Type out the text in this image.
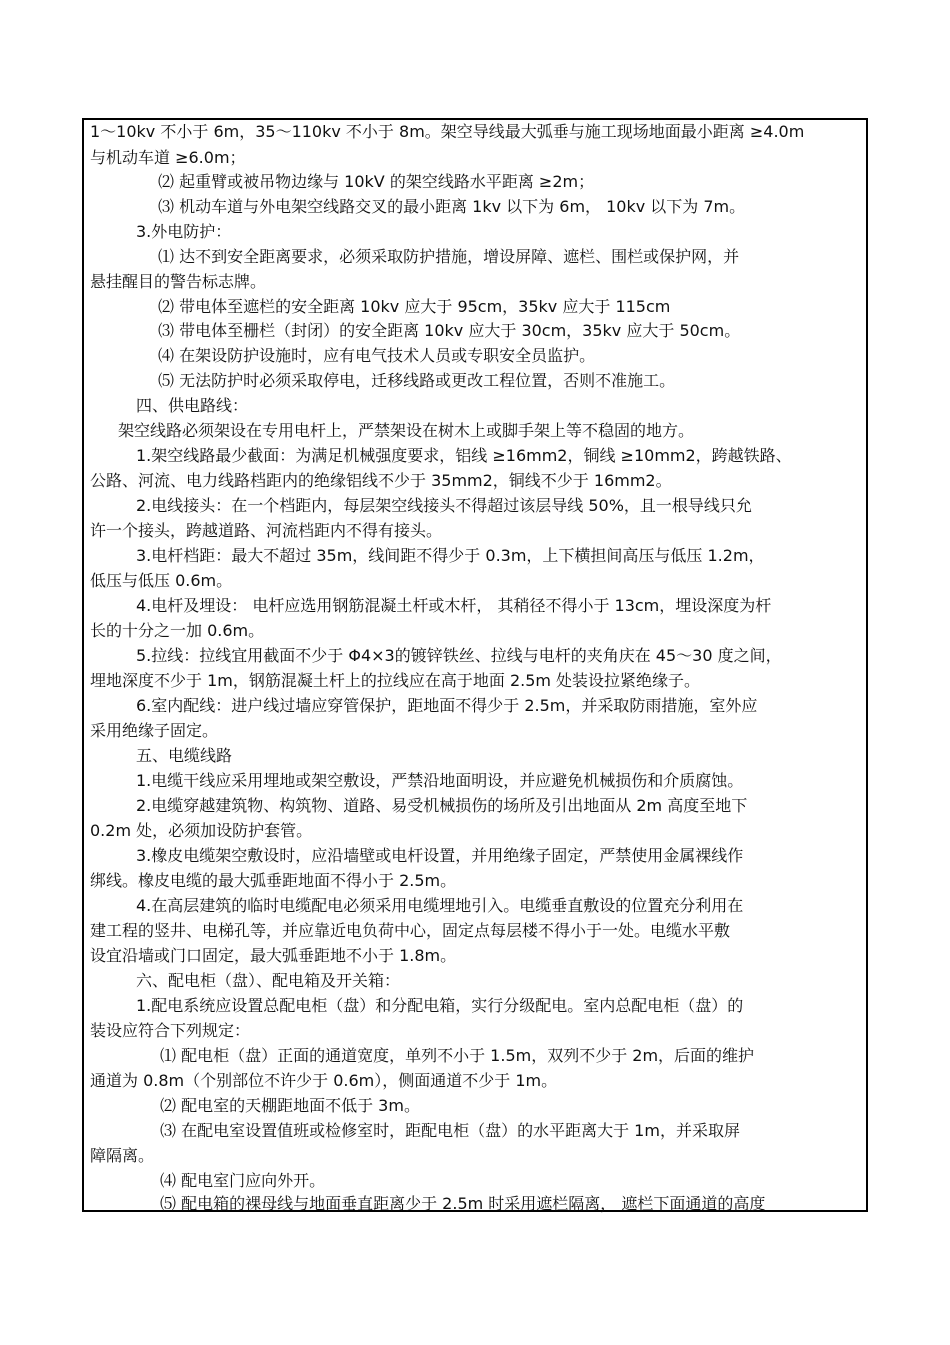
1～10kv 不小于 6m，35～110kv 不小于 8m。架空导线最大弧垂与施工现场地面最小距离 ≥4.0m
与机动车道 ≥6.0m；
⑵ 起重臂或被吊物边缘与 10kV 的架空线路水平距离 ≥2m；
⑶ 机动车道与外电架空线路交叉的最小距离 1kv 以下为 6m， 10kv 以下为 7m。
3.外电防护：
⑴ 达不到安全距离要求，必须采取防护措施，增设屏障、遮栏、围栏或保护网，并
悬挂醒目的警告标志牌。
⑵ 带电体至遮栏的安全距离 10kv 应大于 95cm，35kv 应大于 115cm
⑶ 带电体至栅栏（封闭）的安全距离 10kv 应大于 30cm，35kv 应大于 50cm。
⑷ 在架设防护设施时，应有电气技术人员或专职安全员监护。
⑸ 无法防护时必须采取停电，迁移线路或更改工程位置，否则不准施工。
四、供电路线：
架空线路必须架设在专用电杆上，严禁架设在树木上或脚手架上等不稳固的地方。
1.架空线路最少截面：为满足机械强度要求，铝线 ≥16mm2，铜线 ≥10mm2，跨越铁路、
公路、河流、电力线路档距内的绝缘铝线不少于 35mm2，铜线不少于 16mm2。
2.电线接头：在一个档距内，每层架空线接头不得超过该层导线 50%，且一根导线只允
许一个接头，跨越道路、河流档距内不得有接头。
3.电杆档距：最大不超过 35m，线间距不得少于 0.3m，上下横担间高压与低压 1.2m，
低压与低压 0.6m。
4.电杆及埋设： 电杆应选用钢筋混凝土杆或木杆， 其稍径不得小于 13cm，埋设深度为杆
长的十分之一加 0.6m。
5.拉线：拉线宜用截面不少于 Φ4×3的镀锌铁丝、拉线与电杆的夹角庆在 45～30 度之间，
埋地深度不少于 1m，钢筋混凝土杆上的拉线应在高于地面 2.5m 处装设拉紧绝缘子。
6.室内配线：进户线过墙应穿管保护，距地面不得少于 2.5m，并采取防雨措施，室外应
采用绝缘子固定。
五、电缆线路
1.电缆干线应采用埋地或架空敷设，严禁沿地面明设，并应避免机械损伤和介质腐蚀。
2.电缆穿越建筑物、构筑物、道路、易受机械损伤的场所及引出地面从 2m 高度至地下
0.2m 处，必须加设防护套管。
3.橡皮电缆架空敷设时，应沿墙壁或电杆设置，并用绝缘子固定，严禁使用金属裸线作
绑线。橡皮电缆的最大弧垂距地面不得小于 2.5m。
4.在高层建筑的临时电缆配电必须采用电缆埋地引入。电缆垂直敷设的位置充分利用在
建工程的竖井、电梯孔等，并应靠近电负荷中心，固定点每层楼不得小于一处。电缆水平敷
设宜沿墙或门口固定，最大弧垂距地不小于 1.8m。
六、配电柜（盘）、配电箱及开关箱：
1.配电系统应设置总配电柜（盘）和分配电箱，实行分级配电。室内总配电柜（盘）的
装设应符合下列规定：
⑴ 配电柜（盘）正面的通道宽度，单列不小于 1.5m，双列不少于 2m，后面的维护
通道为 0.8m（个别部位不许少于 0.6m），侧面通道不少于 1m。
⑵ 配电室的天棚距地面不低于 3m。
⑶ 在配电室设置值班或检修室时，距配电柜（盘）的水平距离大于 1m，并采取屏
障隔离。
⑷ 配电室门应向外开。
⑸ 配电箱的裸母线与地面垂直距离少于 2.5m 时采用遮栏隔离， 遮栏下面通道的高度
